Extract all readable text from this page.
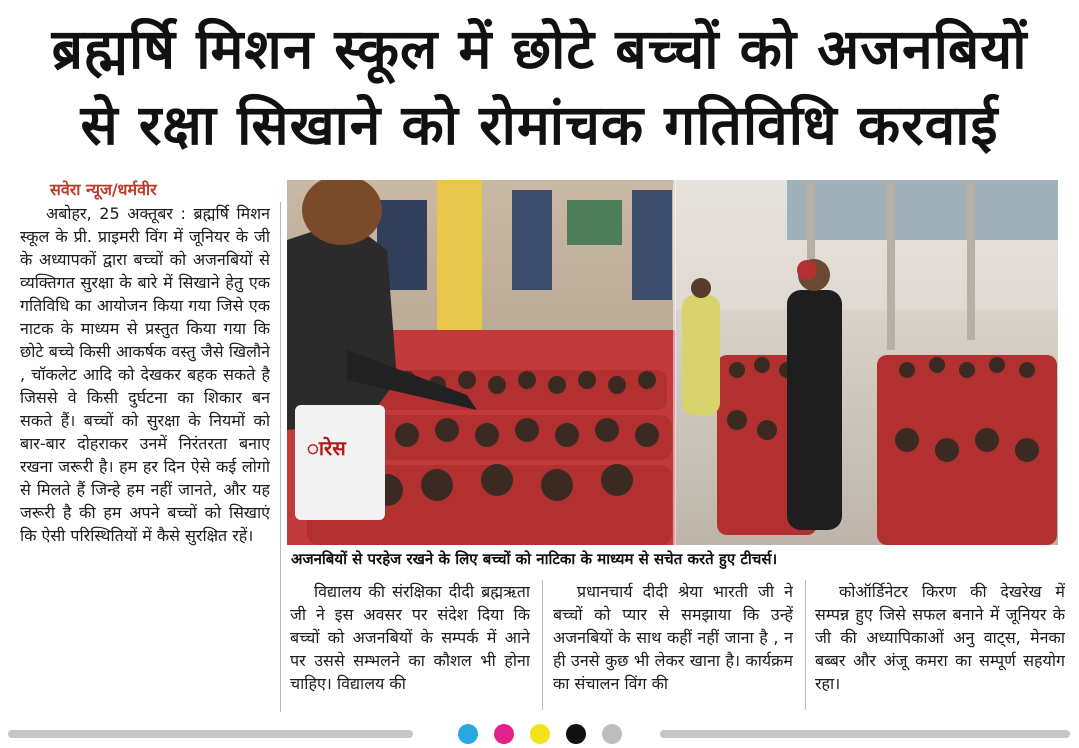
ब्रह्मर्षि मिशन स्कूल में छोटे बच्चों को अजनबियों
से रक्षा सिखाने को रोमांचक गतिविधि करवाई
सवेरा न्यूज/धर्मवीर

अबोहर, 25 अक्तूबर : ब्रह्मर्षि मिशन स्कूल के प्री. प्राइमरी विंग में जूनियर के जी के अध्यापकों द्वारा बच्चों को अजनबियों से व्यक्तिगत सुरक्षा के बारे में सिखाने हेतु एक गतिविधि का आयोजन किया गया जिसे एक नाटक के माध्यम से प्रस्तुत किया गया कि छोटे बच्चे किसी आकर्षक वस्तु जैसे खिलौने , चॉकलेट आदि को देखकर बहक सकते है जिससे वे किसी दुर्घटना का शिकार बन सकते हैं। बच्चों को सुरक्षा के नियमों को बार-बार दोहराकर उनमें निरंतरता बनाए रखना जरूरी है। हम हर दिन ऐसे कई लोगो से मिलते हैं जिन्हे हम नहीं जानते, और यह जरूरी है की हम अपने बच्चों को सिखाएं कि ऐसी परिस्थितियों में कैसे सुरक्षित रहें।

ारेस
अजनबियों से परहेज रखने के लिए बच्चों को नाटिका के माध्यम से सचेत करते हुए टीचर्स।

विद्यालय की संरक्षिका दीदी ब्रह्मऋता जी ने इस अवसर पर संदेश दिया कि बच्चों को अजनबियों के सम्पर्क में आने पर उससे सम्भलने का कौशल भी होना चाहिए। विद्यालय की

प्रधानचार्य दीदी श्रेया भारती जी ने बच्चों को प्यार से समझाया कि उन्हें अजनबियों के साथ कहीं नहीं जाना है , न ही उनसे कुछ भी लेकर खाना है। कार्यक्रम का संचालन विंग की

कोऑर्डिनेटर किरण की देखरेख में सम्पन्न हुए जिसे सफल बनाने में जूनियर के जी की अध्यापिकाओं अनु वाट्स, मेनका बब्बर और अंजू कमरा का सम्पूर्ण सहयोग रहा।
